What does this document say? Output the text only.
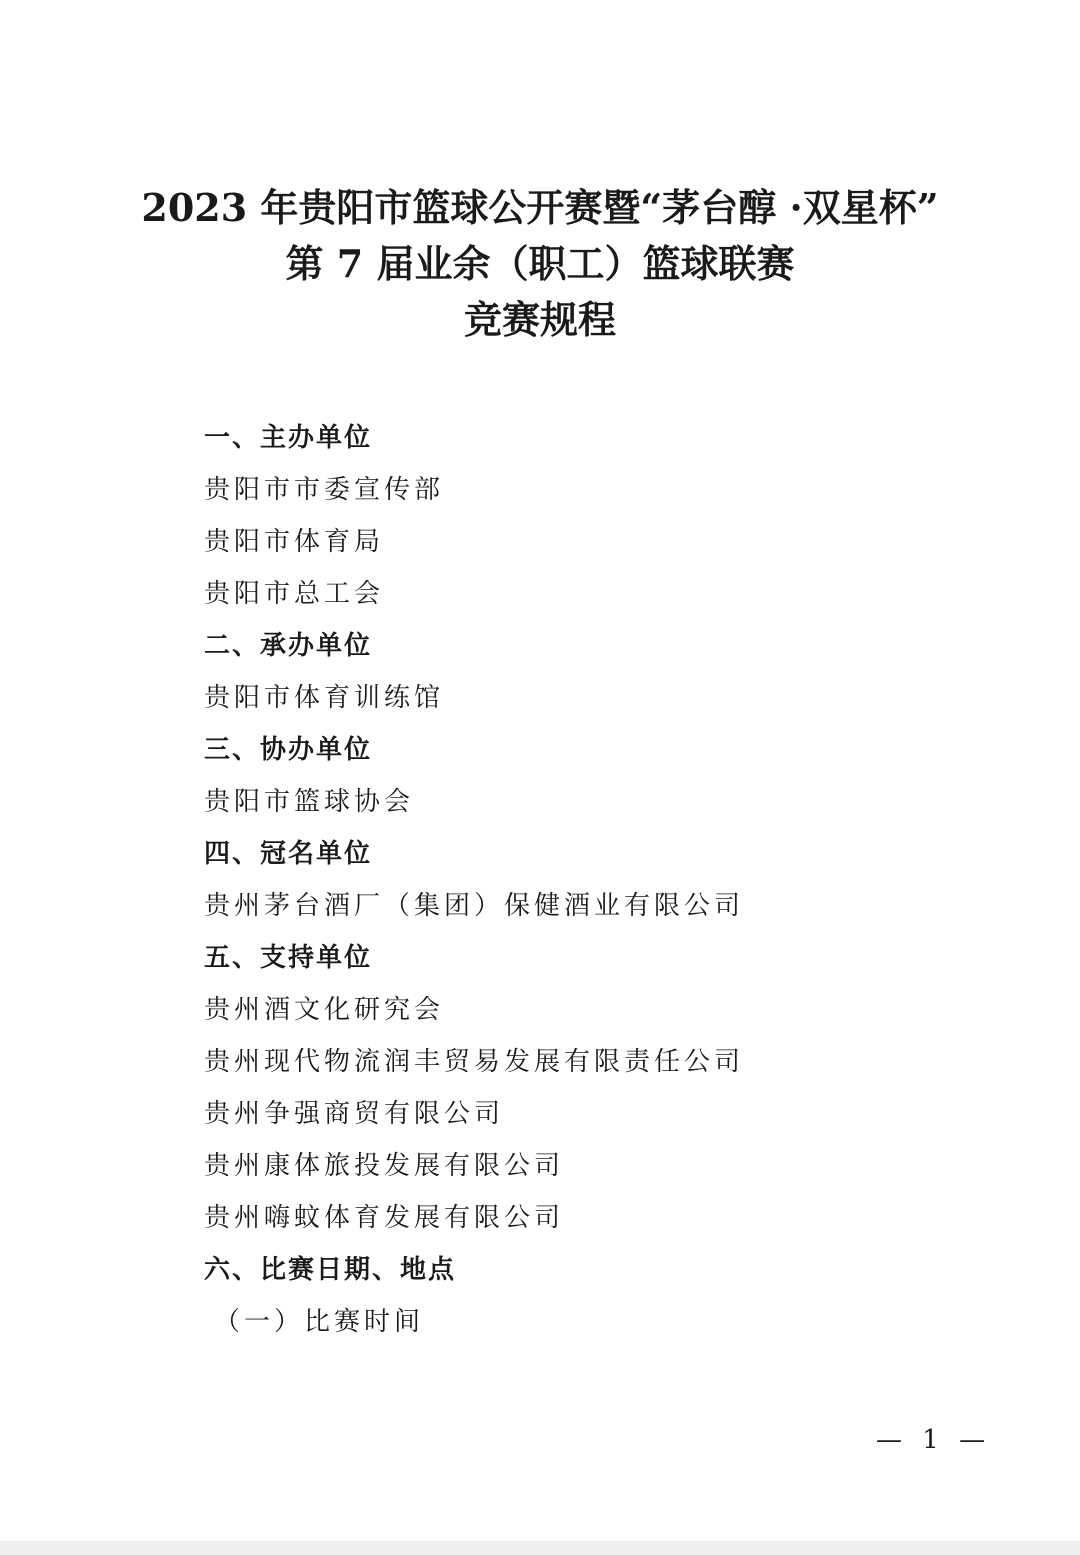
2023 年贵阳市篮球公开赛暨“茅台醇 ·双星杯”
第 7 届业余（职工）篮球联赛
竞赛规程
一、主办单位
贵阳市市委宣传部
贵阳市体育局
贵阳市总工会
二、承办单位
贵阳市体育训练馆
三、协办单位
贵阳市篮球协会
四、冠名单位
贵州茅台酒厂（集团）保健酒业有限公司
五、支持单位
贵州酒文化研究会
贵州现代物流润丰贸易发展有限责任公司
贵州争强商贸有限公司
贵州康体旅投发展有限公司
贵州嗨蚊体育发展有限公司
六、比赛日期、地点
（一）比赛时间
— 1 —
